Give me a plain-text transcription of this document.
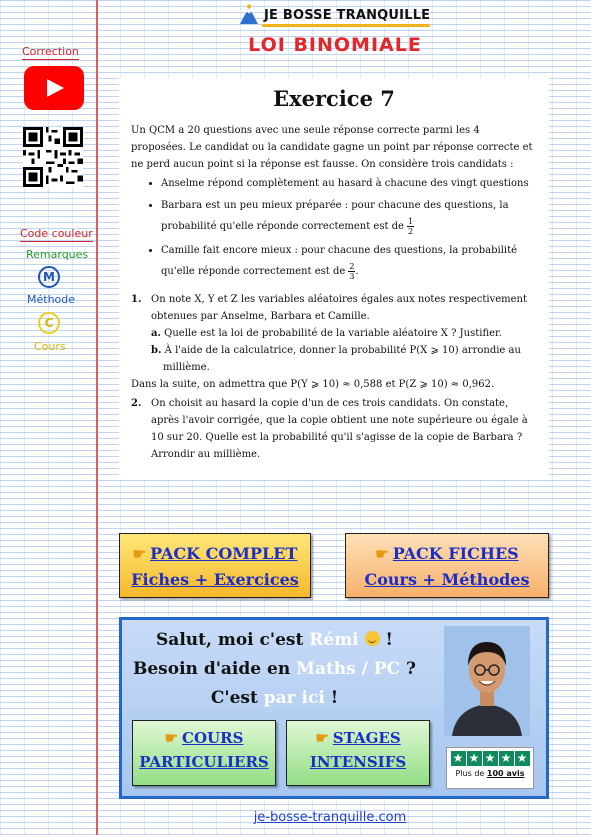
JE BOSSE TRANQUILLE
LOI BINOMIALE
Correction
Code couleur
Remarques
M
Méthode
C
Cours
Exercice 7

Un QCM a 20 questions avec une seule réponse correcte parmi les 4 proposées. Le candidat ou la candidate gagne un point par réponse correcte et ne perd aucun point si la réponse est fausse. On considère trois candidats :

• Anselme répond complètement au hasard à chacune des vingt questions
• Barbara est un peu mieux préparée : pour chacune des questions, la probabilité qu'elle réponde correctement est de $\frac{1}{2}$
• Camille fait encore mieux : pour chacune des questions, la probabilité qu'elle réponde correctement est de $\frac{2}{3}$ .
1. On note X, Y et Z les variables aléatoires égales aux notes respectivement obtenues par Anselme, Barbara et Camille.
a. Quelle est la loi de probabilité de la variable aléatoire X ? Justifier.
b. À l'aide de la calculatrice, donner la probabilité P(X ⩾ 10) arrondie au
millième.

Dans la suite, on admettra que P(Y ⩾ 10) ≈ 0,588 et P(Z ⩾ 10) ≈ 0,962.

2. On choisit au hasard la copie d'un de ces trois candidats. On constate, après l'avoir corrigée, que la copie obtient une note supérieure ou égale à 10 sur 20. Quelle est la probabilité qu'il s'agisse de la copie de Barbara ? Arrondir au millième.
☛ PACK COMPLET
Fiches + Exercices
☛ PACK FICHES
Cours + Méthodes
Salut, moi c'est Rémi  !
Besoin d'aide en Maths / PC ?
C'est par ici !
★ ★ ★ ★ ★
Plus de 100 avis
☛ COURS
PARTICULIERS
☛ STAGES
INTENSIFS
je-bosse-tranquille.com
